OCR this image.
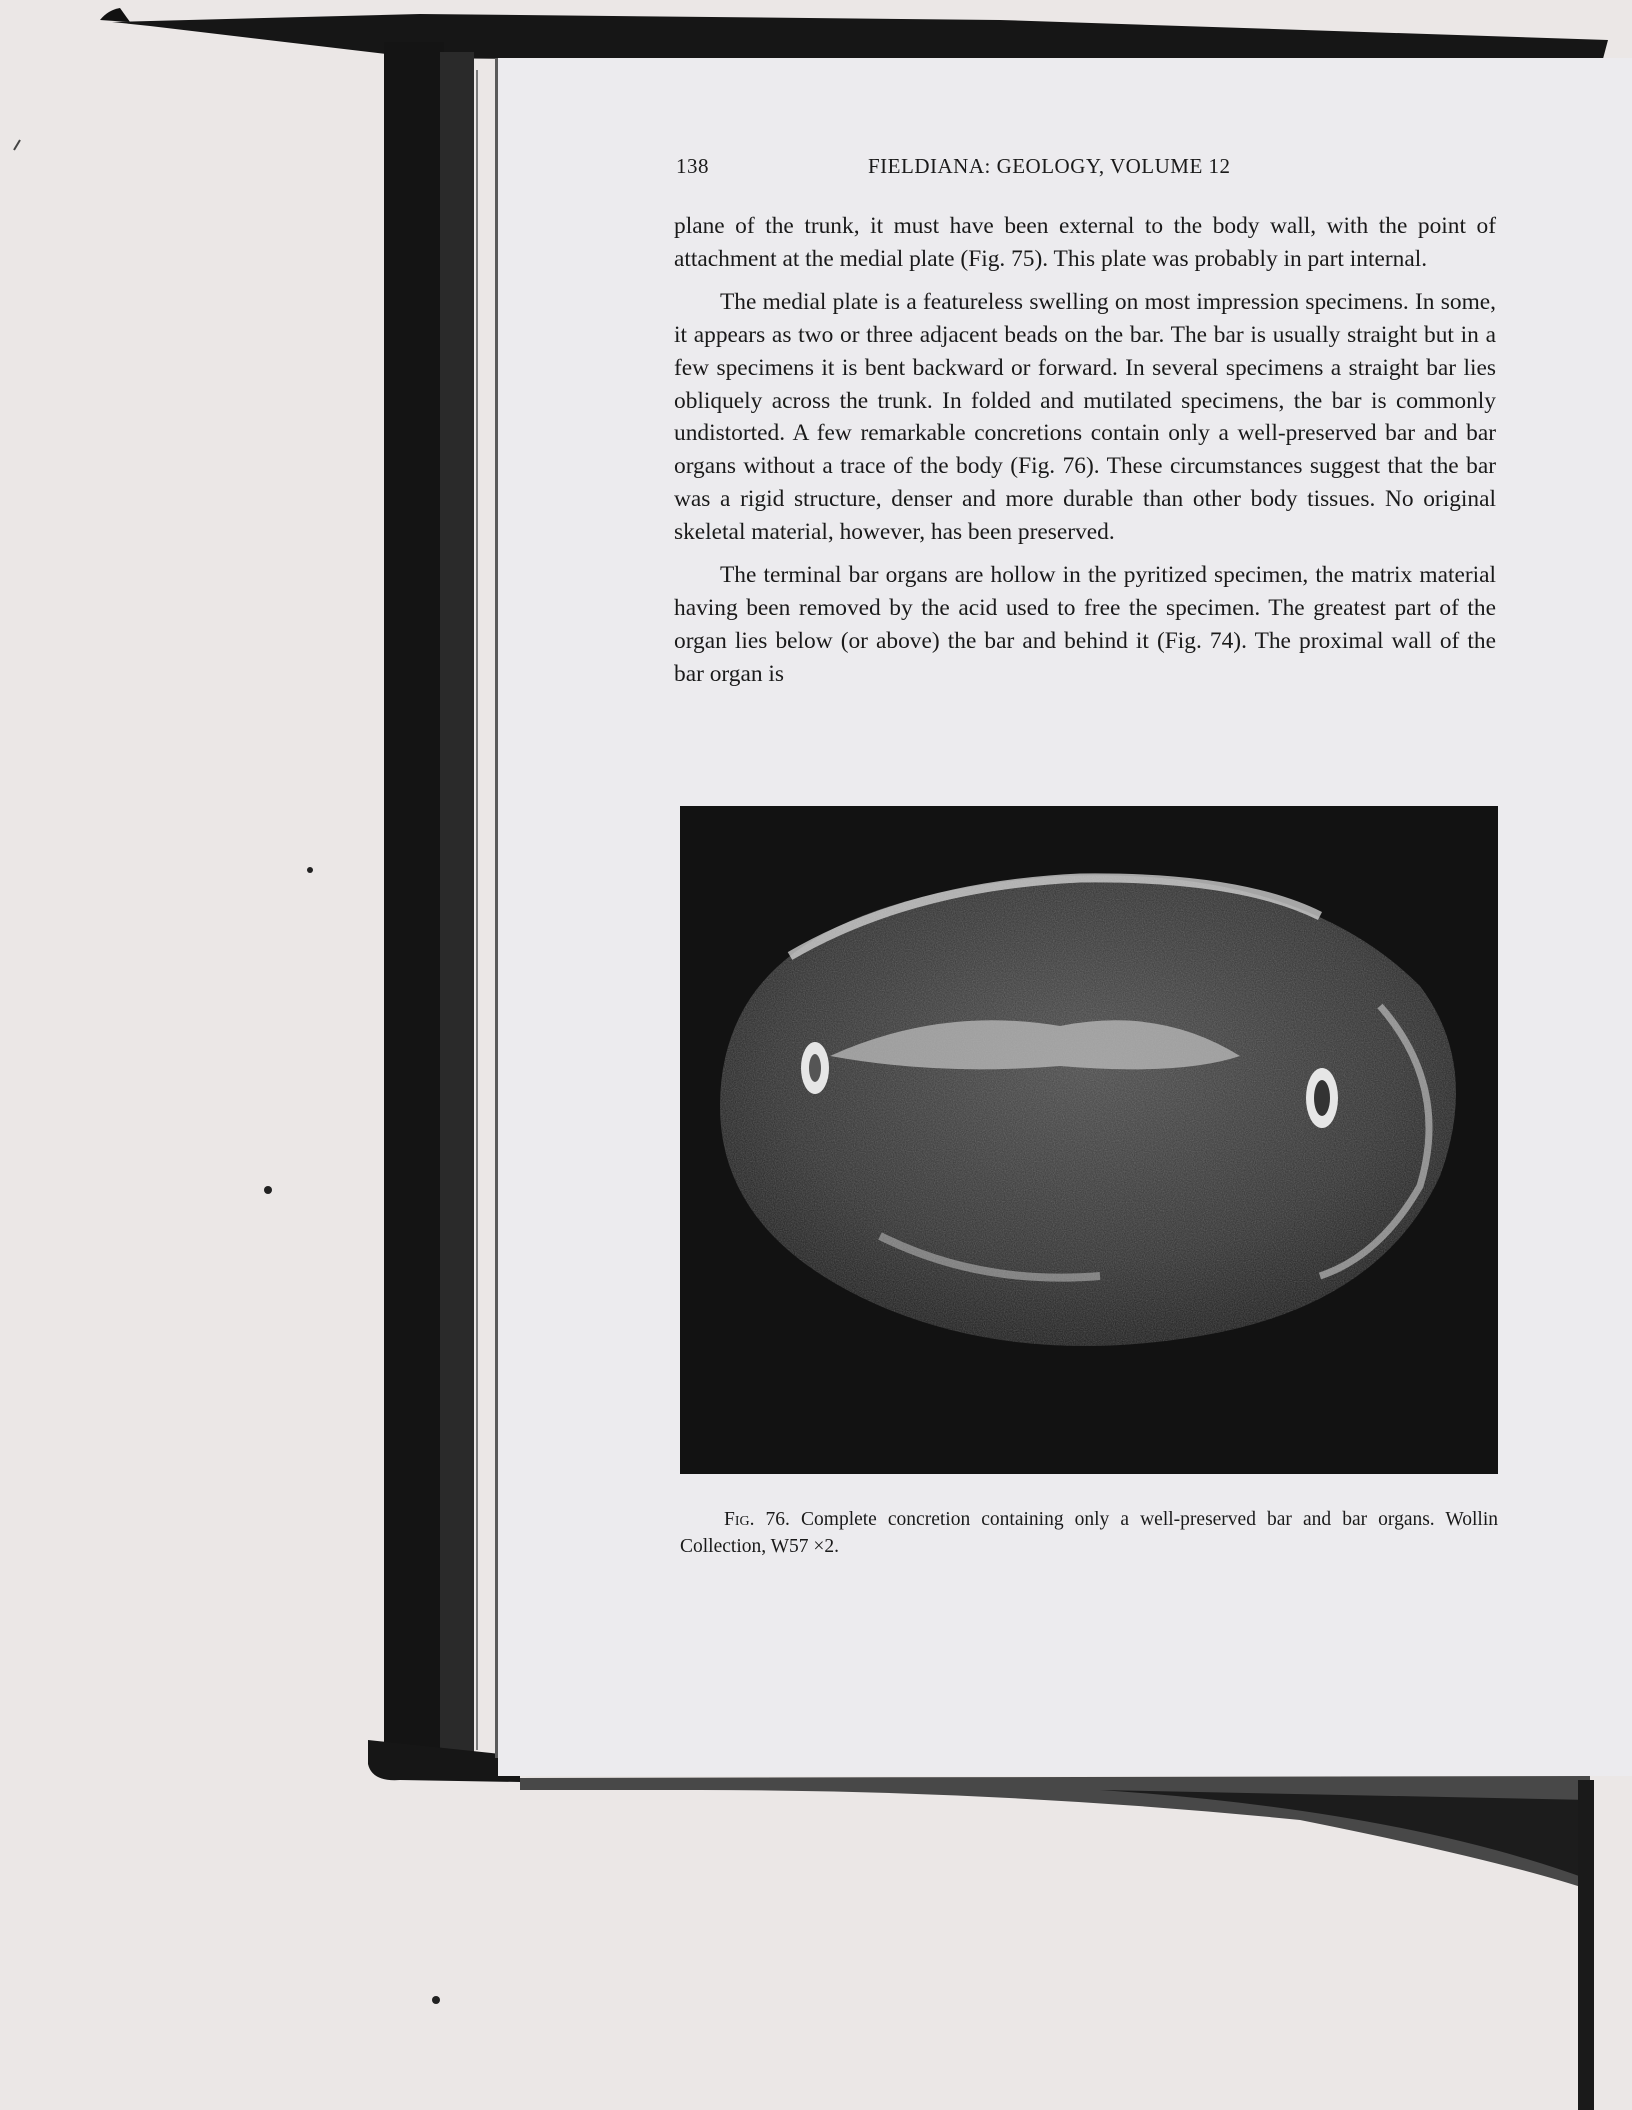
138	FIELDIANA: GEOLOGY, VOLUME 12

plane of the trunk, it must have been external to the body wall, with the point of attachment at the medial plate (Fig. 75). This plate was probably in part internal.

The medial plate is a featureless swelling on most impression specimens. In some, it appears as two or three adjacent beads on the bar. The bar is usually straight but in a few specimens it is bent backward or forward. In several specimens a straight bar lies obliquely across the trunk. In folded and mutilated specimens, the bar is commonly undistorted. A few remarkable concretions contain only a well-preserved bar and bar organs without a trace of the body (Fig. 76). These circumstances suggest that the bar was a rigid structure, denser and more durable than other body tissues. No original skeletal material, however, has been preserved.

The terminal bar organs are hollow in the pyritized specimen, the matrix material having been removed by the acid used to free the specimen. The greatest part of the organ lies below (or above) the bar and behind it (Fig. 74). The proximal wall of the bar organ is

Fig. 76. Complete concretion containing only a well-preserved bar and bar organs. Wollin Collection, W57 ×2.
